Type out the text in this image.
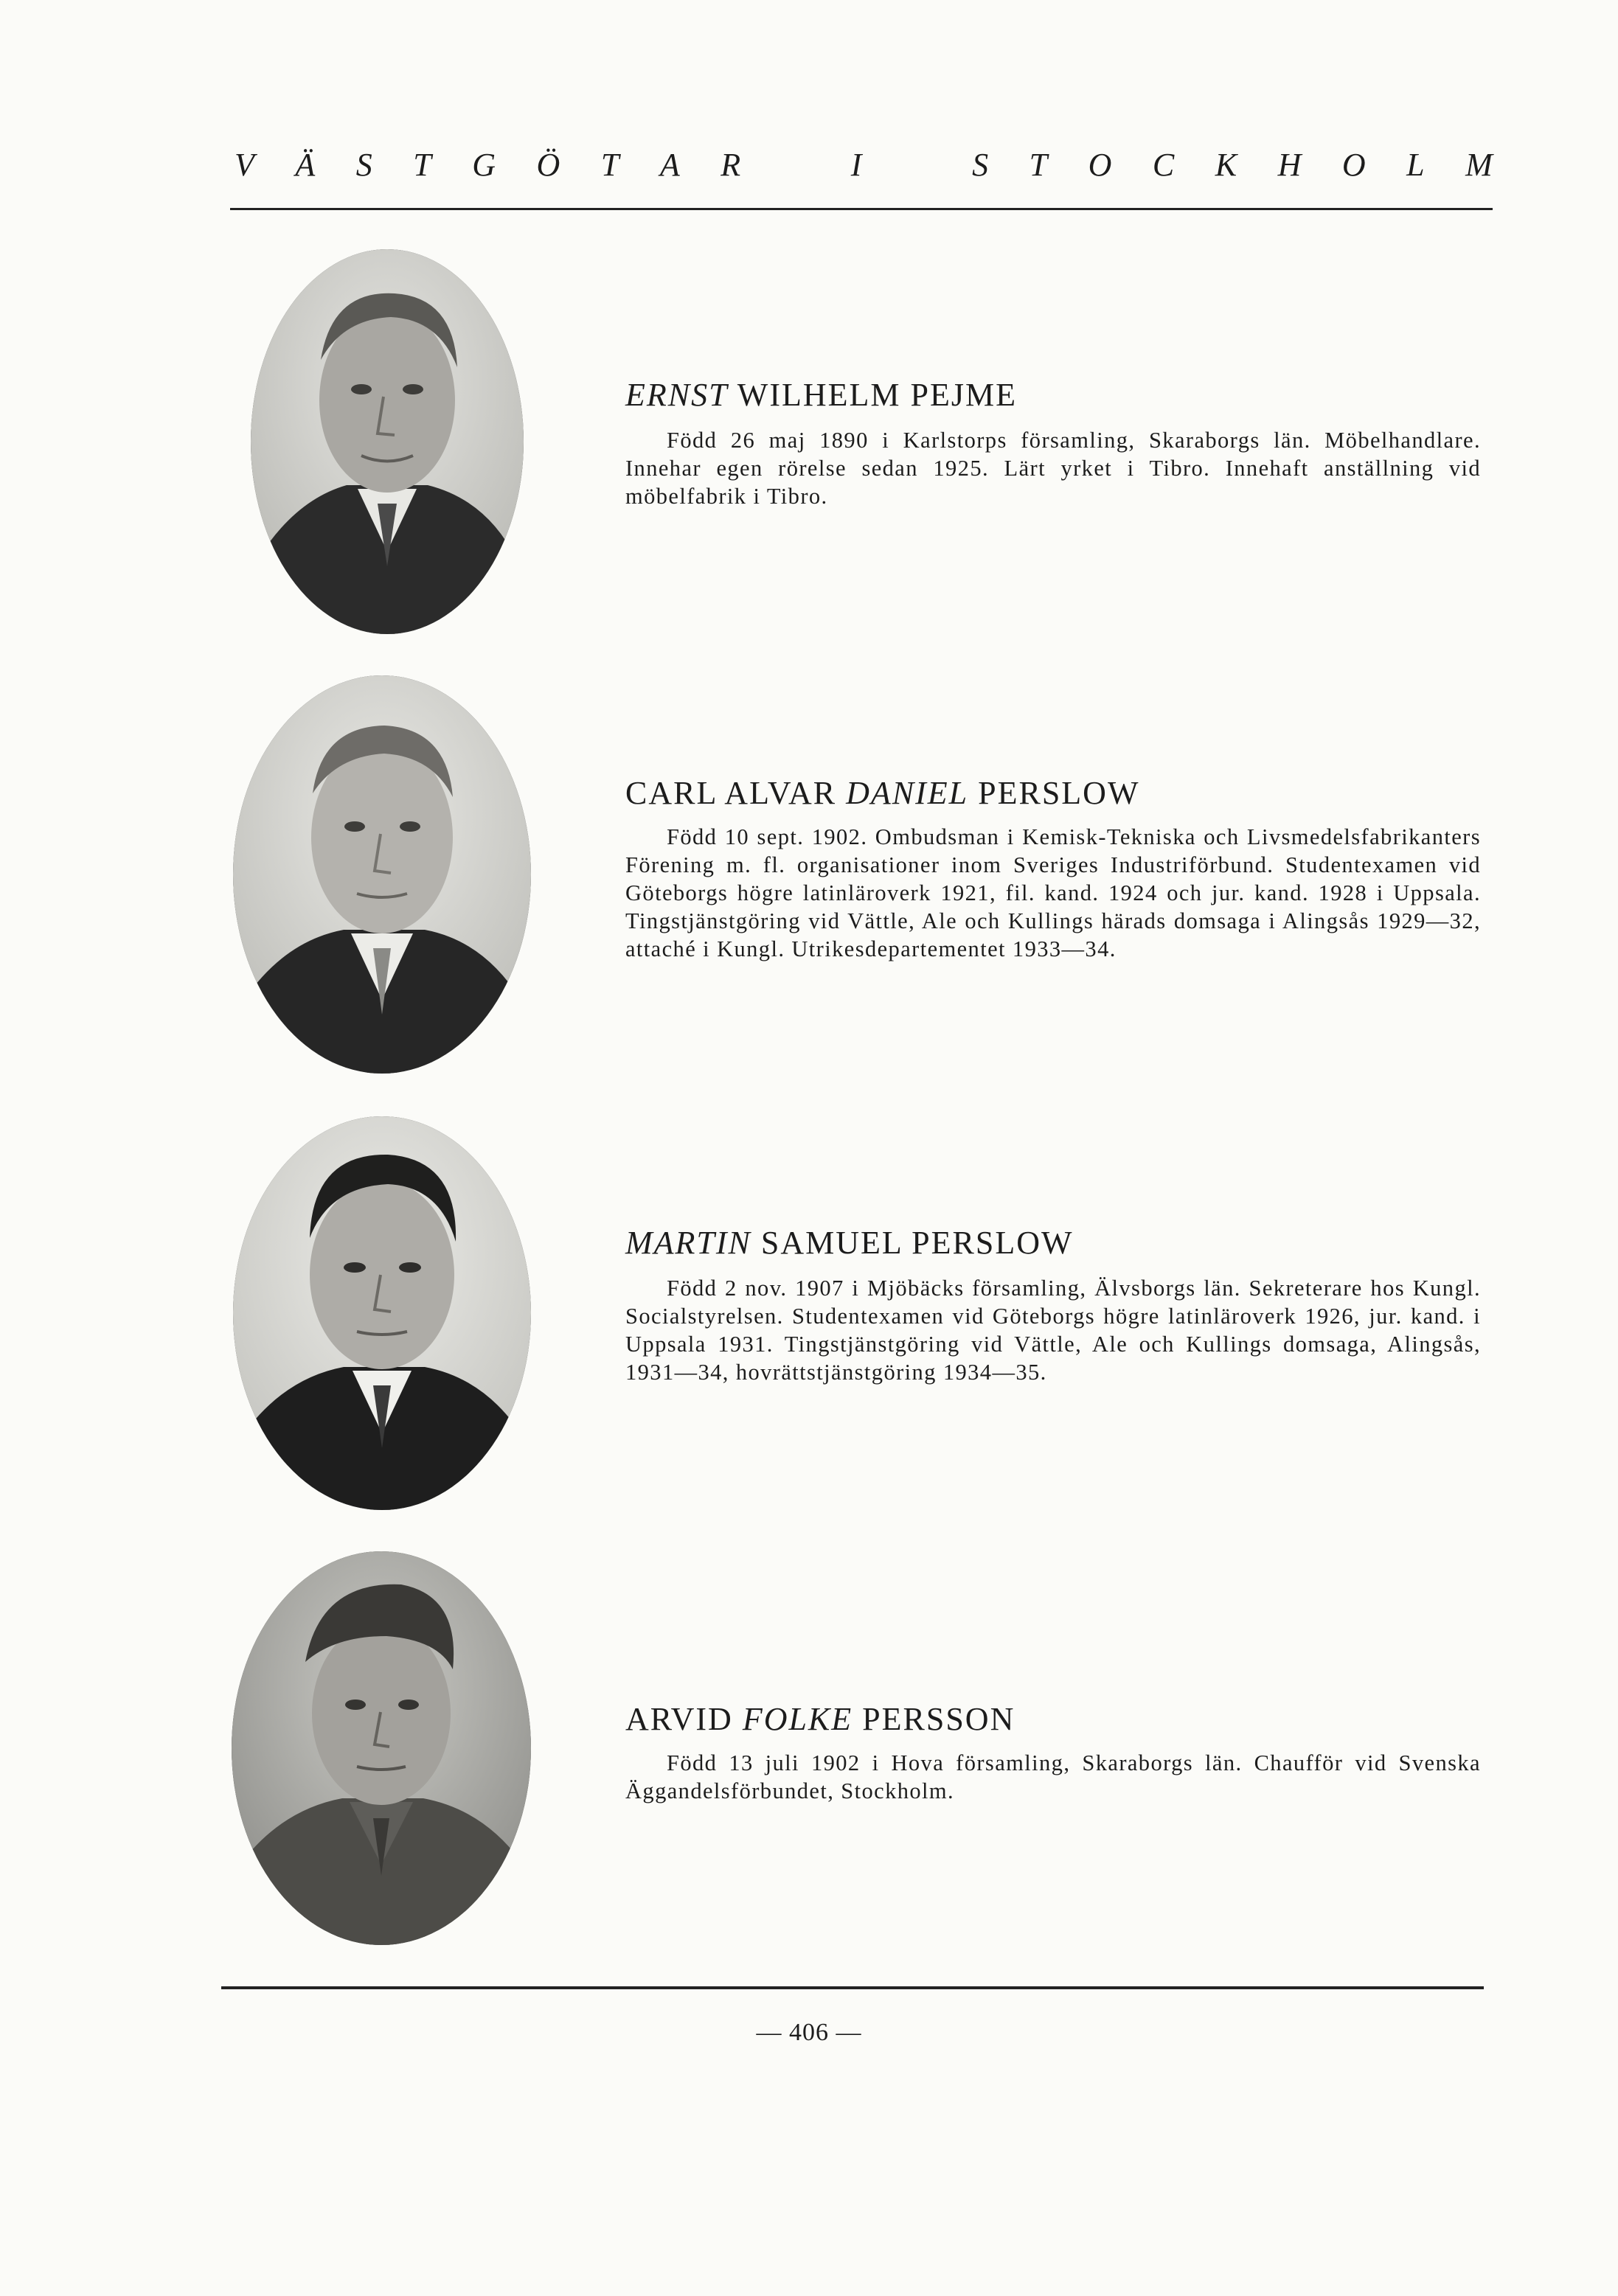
V Ä S T G Ö T A R	I	S T O C K H O L M
ERNST WILHELM PEJME

Född 26 maj 1890 i Karlstorps församling, Skaraborgs län. Möbelhandlare. Innehar egen rörelse sedan 1925. Lärt yrket i Tibro. Innehaft anställning vid möbelfabrik i Tibro.

CARL ALVAR DANIEL PERSLOW

Född 10 sept. 1902. Ombudsman i Kemisk-Tekniska och Livsmedelsfabrikanters Förening m. fl. organisationer inom Sveriges Industriförbund. Studentexamen vid Göteborgs högre latinläroverk 1921, fil. kand. 1924 och jur. kand. 1928 i Uppsala. Tingstjänstgöring vid Vättle, Ale och Kullings härads domsaga i Alingsås 1929—32, attaché i Kungl. Utrikesdepartementet 1933—34.

MARTIN SAMUEL PERSLOW

Född 2 nov. 1907 i Mjöbäcks församling, Älvsborgs län. Sekreterare hos Kungl. Socialstyrelsen. Studentexamen vid Göteborgs högre latinläroverk 1926, jur. kand. i Uppsala 1931. Tingstjänstgöring vid Vättle, Ale och Kullings domsaga, Alingsås, 1931—34, hovrättstjänstgöring 1934—35.

ARVID FOLKE PERSSON

Född 13 juli 1902 i Hova församling, Skaraborgs län. Chaufför vid Svenska Äggandelsförbundet, Stockholm.

— 406 —
